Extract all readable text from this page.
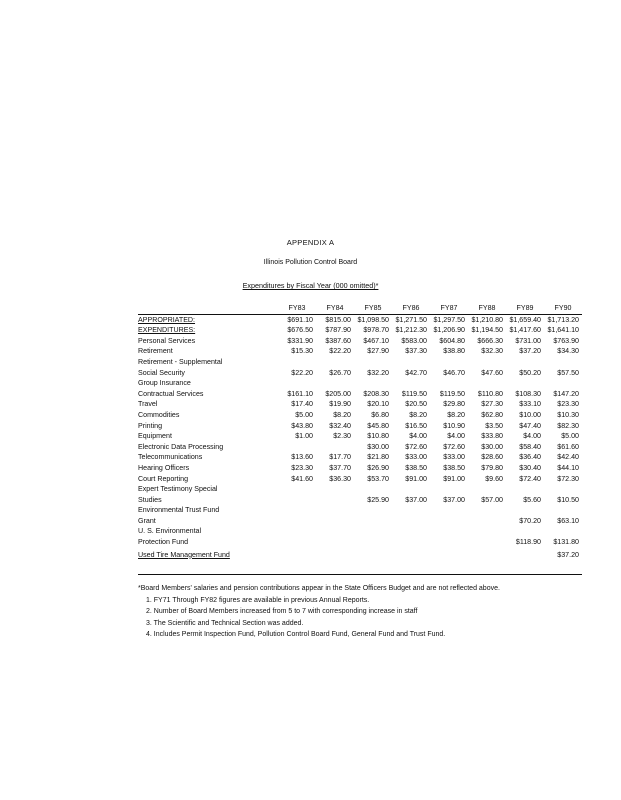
APPENDIX A
Illinois Pollution Control Board
Expenditures by Fiscal Year (000 omitted)*
	FY83	FY84	FY85	FY86	FY87	FY88	FY89	FY90
APPROPRIATED:	$691.10	$815.00	$1,098.50	$1,271.50	$1,297.50	$1,210.80	$1,659.40	$1,713.20
EXPENDITURES:	$676.50	$787.90	$978.70	$1,212.30	$1,206.90	$1,194.50	$1,417.60	$1,641.10
Personal Services	$331.90	$387.60	$467.10	$583.00	$604.80	$666.30	$731.00	$763.90
Retirement	$15.30	$22.20	$27.90	$37.30	$38.80	$32.30	$37.20	$34.30
Retirement - Supplemental								
Social Security	$22.20	$26.70	$32.20	$42.70	$46.70	$47.60	$50.20	$57.50
Group Insurance								
Contractual Services	$161.10	$205.00	$208.30	$119.50	$119.50	$110.80	$108.30	$147.20
Travel	$17.40	$19.90	$20.10	$20.50	$29.80	$27.30	$33.10	$23.30
Commodities	$5.00	$8.20	$6.80	$8.20	$8.20	$62.80	$10.00	$10.30
Printing	$43.80	$32.40	$45.80	$16.50	$10.90	$3.50	$47.40	$82.30
Equipment	$1.00	$2.30	$10.80	$4.00	$4.00	$33.80	$4.00	$5.00
Electronic Data Processing			$30.00	$72.60	$72.60	$30.00	$58.40	$61.60
Telecommunications	$13.60	$17.70	$21.80	$33.00	$33.00	$28.60	$36.40	$42.40
Hearing Officers	$23.30	$37.70	$26.90	$38.50	$38.50	$79.80	$30.40	$44.10
Court Reporting	$41.60	$36.30	$53.70	$91.00	$91.00	$9.60	$72.40	$72.30
Expert Testimony Special								
Studies			$25.90	$37.00	$37.00	$57.00	$5.60	$10.50
Environmental Trust Fund								
Grant							$70.20	$63.10
U. S. Environmental								
Protection Fund							$118.90	$131.80
Used Tire Management Fund								$37.20
*Board Members' salaries and pension contributions appear in the State Officers Budget and are not reflected above.
1. FY71 Through FY82 figures are available in previous Annual Reports.
2. Number of Board Members increased from 5 to 7 with corresponding increase in staff
3. The Scientific and Technical Section was added.
4. Includes Permit Inspection Fund, Pollution Control Board Fund, General Fund and Trust Fund.
